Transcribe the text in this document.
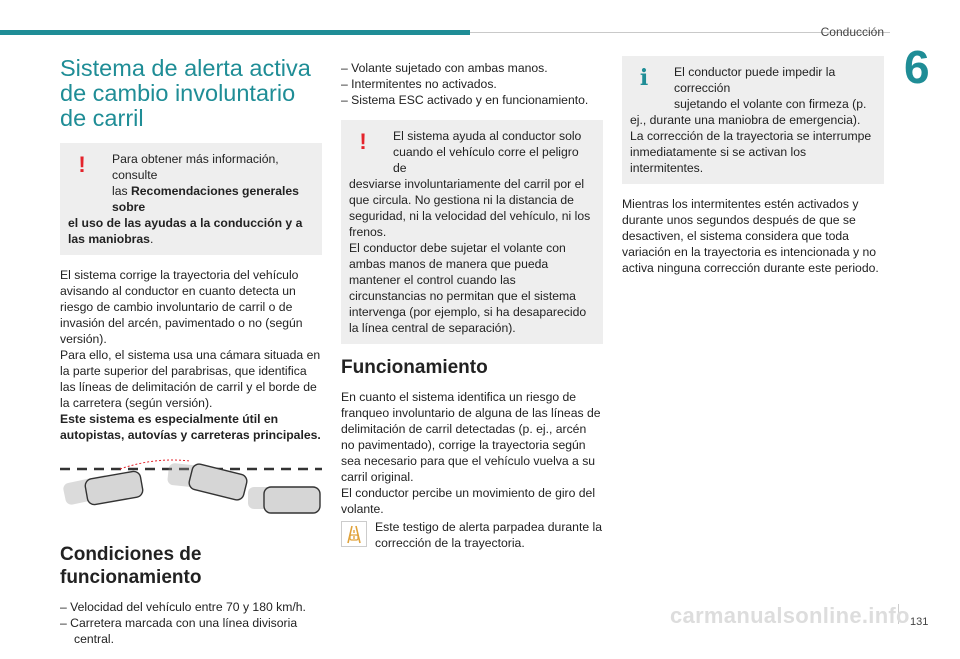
Conducción
6
Sistema de alerta activa de cambio involuntario de carril
!	Para obtener más información, consulte

las Recomendaciones generales sobre

el uso de las ayudas a la conducción y a

las maniobras.

El sistema corrige la trayectoria del vehículo avisando al conductor en cuanto detecta un riesgo de cambio involuntario de carril o de invasión del arcén, pavimentado o no (según versión).

Para ello, el sistema usa una cámara situada en la parte superior del parabrisas, que identifica las líneas de delimitación de carril y el borde de la carretera (según versión).

Este sistema es especialmente útil en autopistas, autovías y carreteras principales.

Condiciones de funcionamiento
– Velocidad del vehículo entre 70 y 180 km/h.
– Carretera marcada con una línea divisoria central.
– Volante sujetado con ambas manos.
– Intermitentes no activados.
– Sistema ESC activado y en funcionamiento.
!	El sistema ayuda al conductor solo

cuando el vehículo corre el peligro de

desviarse involuntariamente del carril por el que circula. No gestiona ni la distancia de seguridad, ni la velocidad del vehículo, ni los frenos.

El conductor debe sujetar el volante con ambas manos de manera que pueda mantener el control cuando las circunstancias no permitan que el sistema intervenga (por ejemplo, si ha desaparecido la línea central de separación).

Funcionamiento

En cuanto el sistema identifica un riesgo de franqueo involuntario de alguna de las líneas de delimitación de carril detectadas (p. ej., arcén no pavimentado), corrige la trayectoria según sea necesario para que el vehículo vuelva a su carril original.

El conductor percibe un movimiento de giro del volante.

Este testigo de alerta parpadea durante la corrección de la trayectoria.

i	El conductor puede impedir la corrección

sujetando el volante con firmeza (p.

ej., durante una maniobra de emergencia).

La corrección de la trayectoria se interrumpe inmediatamente si se activan los intermitentes.

Mientras los intermitentes estén activados y durante unos segundos después de que se desactiven, el sistema considera que toda variación en la trayectoria es intencionada y no activa ninguna corrección durante este periodo.

carmanualsonline.info 131
